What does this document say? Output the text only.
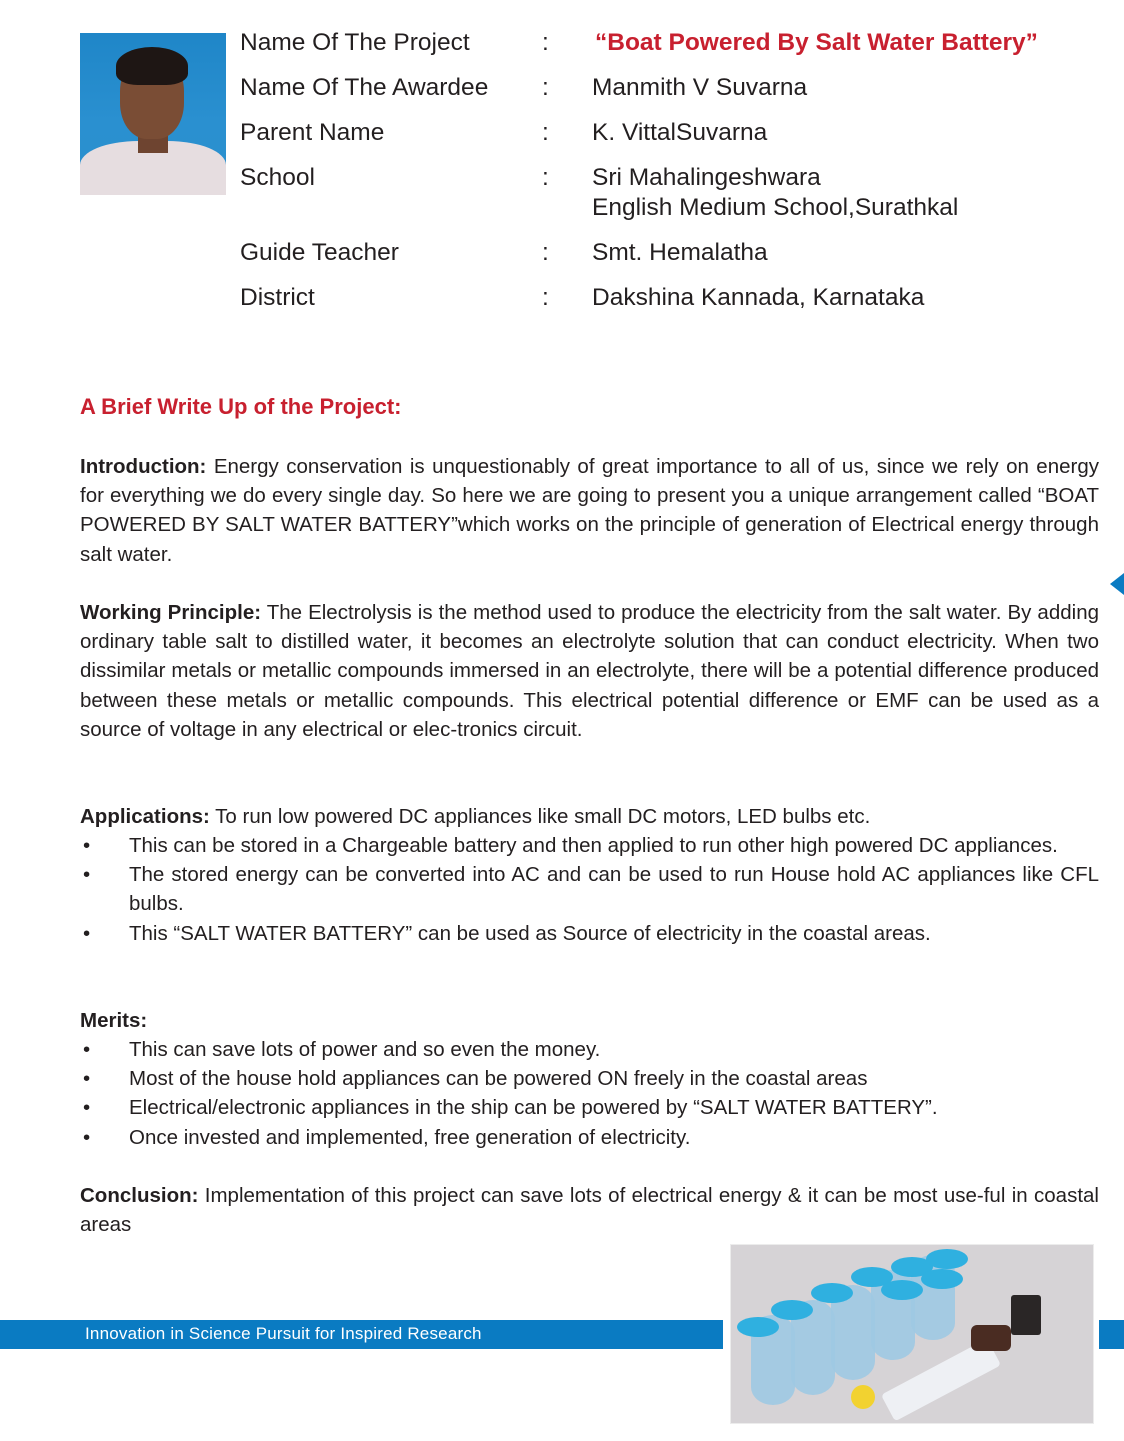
Name Of The Project	: “Boat Powered By Salt Water Battery”
Name Of The Awardee : Manmith V Suvarna
Parent Name	: K. VittalSuvarna
School	: Sri Mahalingeshwara
English Medium School,Surathkal
Guide Teacher	: Smt. Hemalatha
District	: Dakshina Kannada, Karnataka
A Brief Write Up of the Project:

Introduction: Energy conservation is unquestionably of great importance to all of us, since we rely on energy for everything we do every single day. So here we are going to present you a unique arrangement called “BOAT POWERED BY SALT WATER BATTERY”which works on the principle of generation of Electrical energy through salt water.

Working Principle: The Electrolysis is the method used to produce the electricity from the salt water. By adding ordinary table salt to distilled water, it becomes an electrolyte solution that can conduct electricity. When two dissimilar metals or metallic compounds immersed in an electrolyte, there will be a potential difference produced between these metals or metallic compounds. This electrical potential difference or EMF can be used as a source of voltage in any electrical or elec-tronics circuit.

Applications: To run low powered DC appliances like small DC motors, LED bulbs etc.

• This can be stored in a Chargeable battery and then applied to run other high powered DC appliances.
• The stored energy can be converted into AC and can be used to run House hold AC appliances like CFL bulbs.
• This “SALT WATER BATTERY” can be used as Source of electricity in the coastal areas.

Merits:

• This can save lots of power and so even the money.
• Most of the house hold appliances can be powered ON freely in the coastal areas
• Electrical/electronic appliances in the ship can be powered by “SALT WATER BATTERY”.
• Once invested and implemented, free generation of electricity.

Conclusion: Implementation of this project can save lots of electrical energy & it can be most use-ful in coastal areas

Innovation in Science Pursuit for Inspired Research
